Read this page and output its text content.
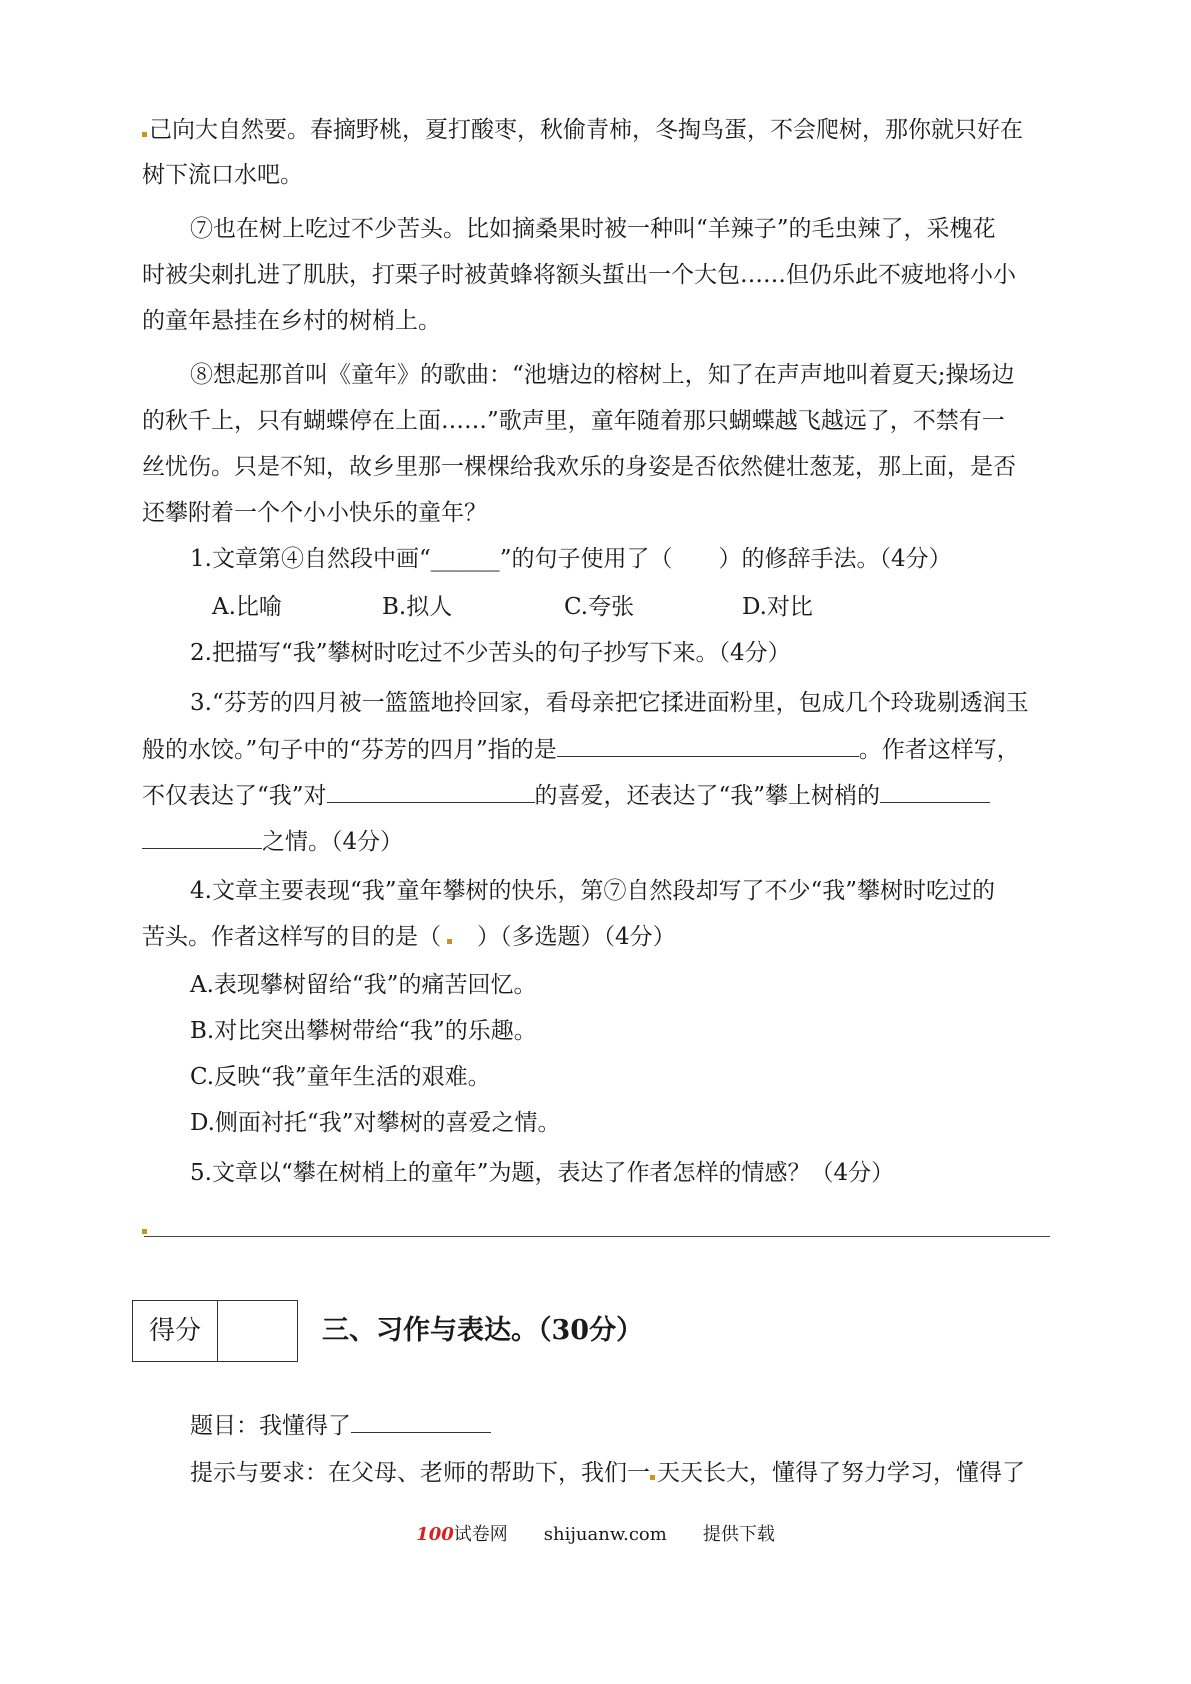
己向大自然要。春摘野桃，夏打酸枣，秋偷青柿，冬掏鸟蛋，不会爬树，那你就只好在
树下流口水吧。
⑦也在树上吃过不少苦头。比如摘桑果时被一种叫“羊辣子”的毛虫辣了，采槐花
时被尖刺扎进了肌肤，打栗子时被黄蜂将额头蜇出一个大包……但仍乐此不疲地将小小
的童年悬挂在乡村的树梢上。
⑧想起那首叫《童年》的歌曲：“池塘边的榕树上，知了在声声地叫着夏天;操场边
的秋千上，只有蝴蝶停在上面……”歌声里，童年随着那只蝴蝶越飞越远了，不禁有一
丝忧伤。只是不知，故乡里那一棵棵给我欢乐的身姿是否依然健壮葱茏，那上面，是否
还攀附着一个个小小快乐的童年？
1.文章第④自然段中画“______”的句子使用了（　　）的修辞手法。（4分）
A.比喻	B.拟人	C.夸张	D.对比
2.把描写“我”攀树时吃过不少苦头的句子抄写下来。（4分）
3.“芬芳的四月被一篮篮地拎回家，看母亲把它揉进面粉里，包成几个玲珑剔透润玉
般的水饺。”句子中的“芬芳的四月”指的是	。作者这样写，
不仅表达了“我”对	的喜爱，还表达了“我”攀上树梢的
之情。（4分）
4.文章主要表现“我”童年攀树的快乐，第⑦自然段却写了不少“我”攀树时吃过的
苦头。作者这样写的目的是（　）（多选题）（4分）
A.表现攀树留给“我”的痛苦回忆。
B.对比突出攀树带给“我”的乐趣。
C.反映“我”童年生活的艰难。
D.侧面衬托“我”对攀树的喜爱之情。
5.文章以“攀在树梢上的童年”为题，表达了作者怎样的情感？（4分）
得分	三、习作与表达。（30分）
题目：我懂得了
提示与要求：在父母、老师的帮助下，我们一 天天长大，懂得了努力学习，懂得了
100试卷网 shijuanw.com 提供下载
